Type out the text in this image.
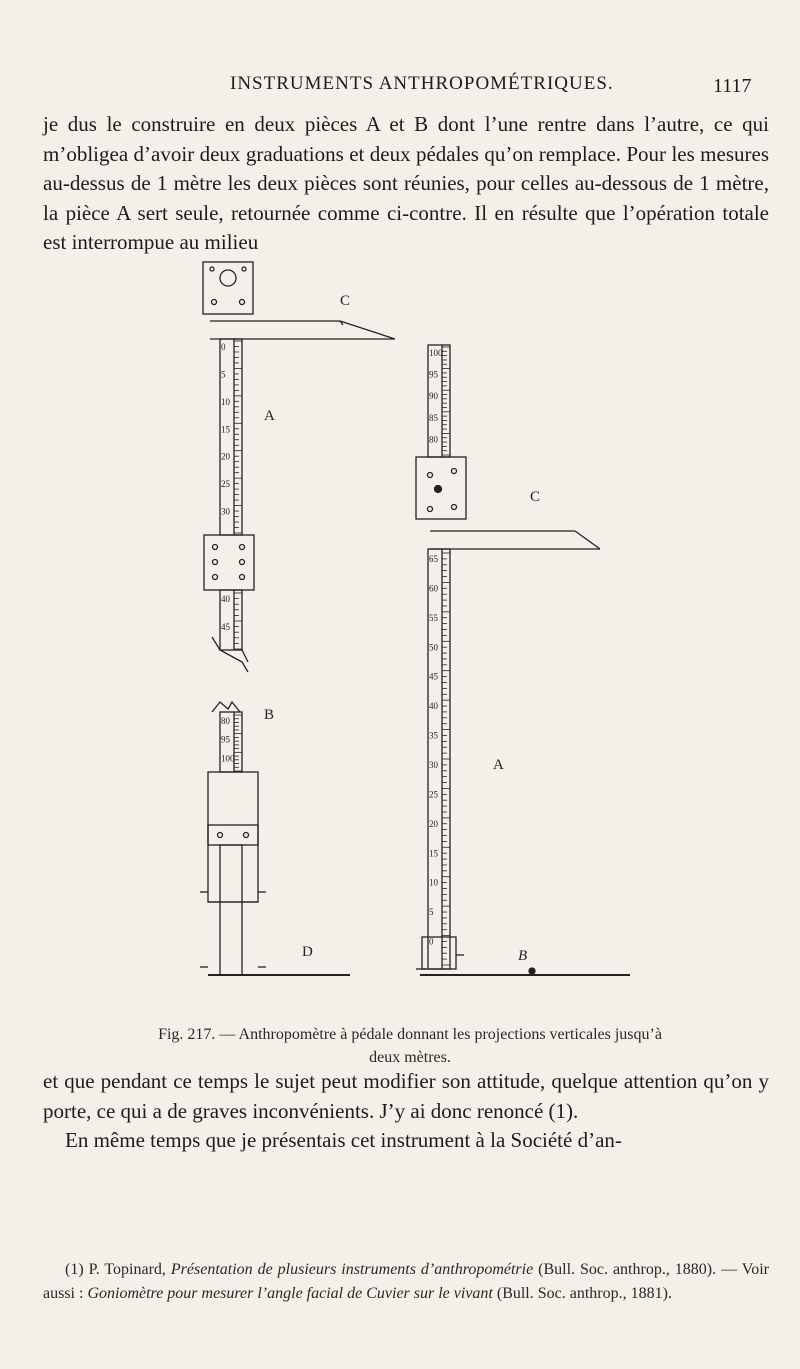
INSTRUMENTS ANTHROPOMÉTRIQUES.	1117

je dus le construire en deux pièces A et B dont l’une rentre dans l’autre, ce qui m’obligea d’avoir deux graduations et deux pédales qu’on remplace. Pour les mesures au-dessus de 1 mètre les deux pièces sont réunies, pour celles au-dessous de 1 mètre, la pièce A sert seule, retournée comme ci-contre. Il en résulte que l’opération totale est interrompue au milieu

0
5
10
15
20
25
30
40
45
80
95
100
100
95
90
85
80
65
60
55
50
45
40
35
30
25
20
15
10
5
0
C
A
B
D
C
A
B
Fig. 217. — Anthropomètre à pédale donnant les projections verticales jusqu’à deux mètres.

et que pendant ce temps le sujet peut modifier son attitude, quelque attention qu’on y porte, ce qui a de graves inconvénients. J’y ai donc renoncé (1).
En même temps que je présentais cet instrument à la Société d’an-

(1) P. Topinard, Présentation de plusieurs instruments d’anthropométrie (Bull. Soc. anthrop., 1880). — Voir aussi : Goniomètre pour mesurer l’angle facial de Cuvier sur le vivant (Bull. Soc. anthrop., 1881).
